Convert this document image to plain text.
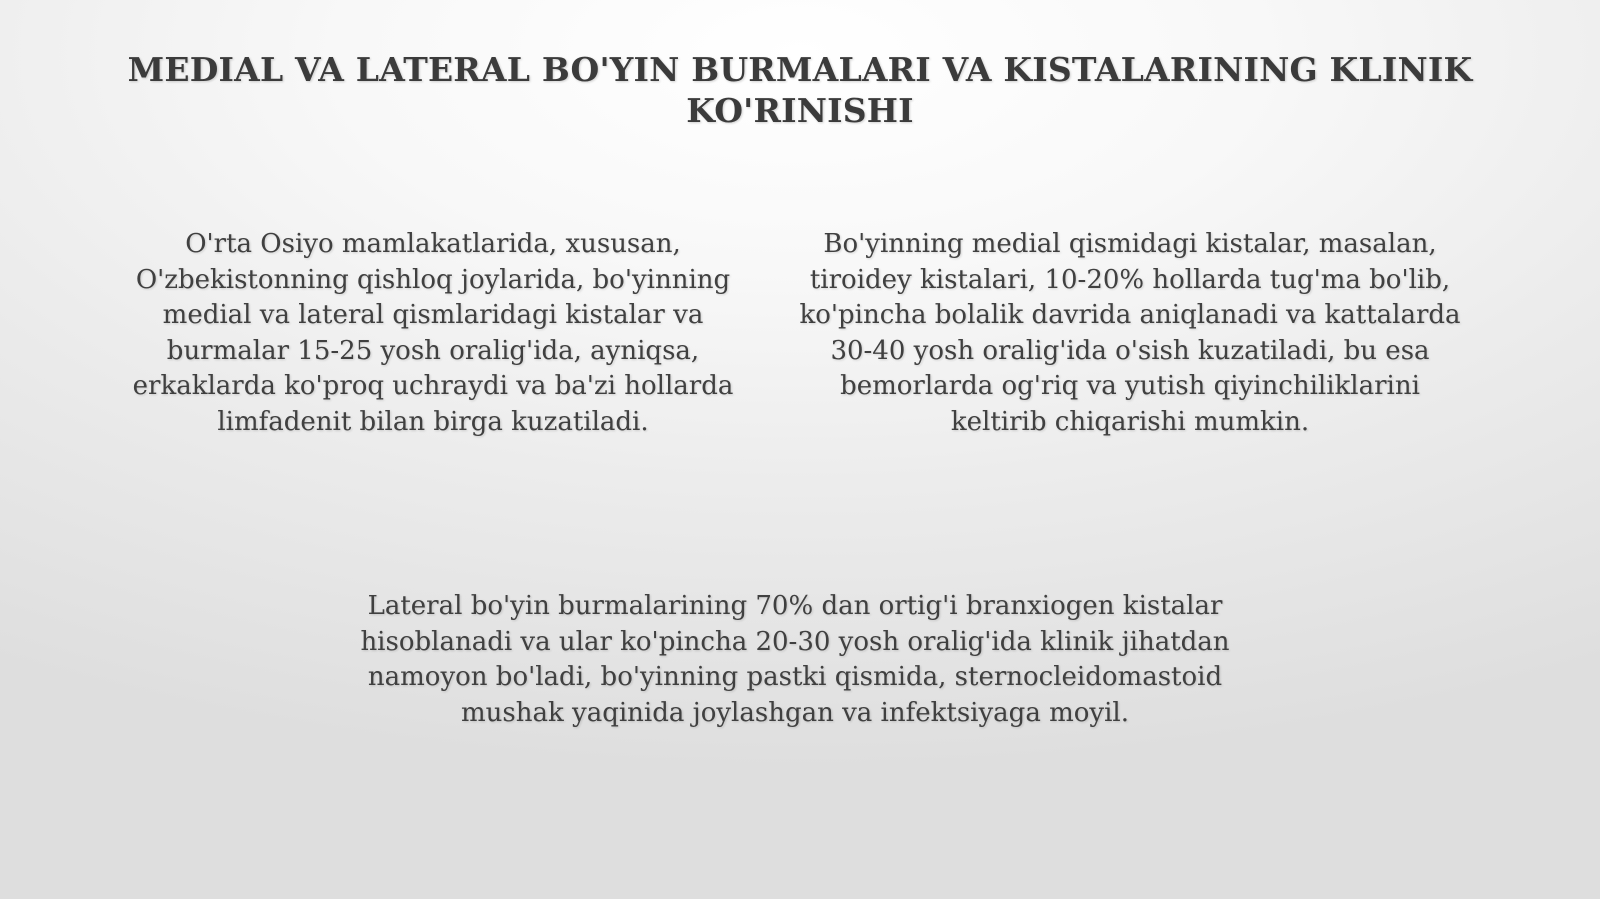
MEDIAL VA LATERAL BO'YIN BURMALARI VA KISTALARINING KLINIK KO'RINISHI

O'rta Osiyo mamlakatlarida, xususan, O'zbekistonning qishloq joylarida, bo'yinning medial va lateral qismlaridagi kistalar va burmalar 15-25 yosh oralig'ida, ayniqsa, erkaklarda ko'proq uchraydi va ba'zi hollarda limfadenit bilan birga kuzatiladi.

Bo'yinning medial qismidagi kistalar, masalan, tiroidey kistalari, 10-20% hollarda tug'ma bo'lib, ko'pincha bolalik davrida aniqlanadi va kattalarda 30-40 yosh oralig'ida o'sish kuzatiladi, bu esa bemorlarda og'riq va yutish qiyinchiliklarini keltirib chiqarishi mumkin.

Lateral bo'yin burmalarining 70% dan ortig'i branxiogen kistalar hisoblanadi va ular ko'pincha 20-30 yosh oralig'ida klinik jihatdan namoyon bo'ladi, bo'yinning pastki qismida, sternocleidomastoid mushak yaqinida joylashgan va infektsiyaga moyil.
